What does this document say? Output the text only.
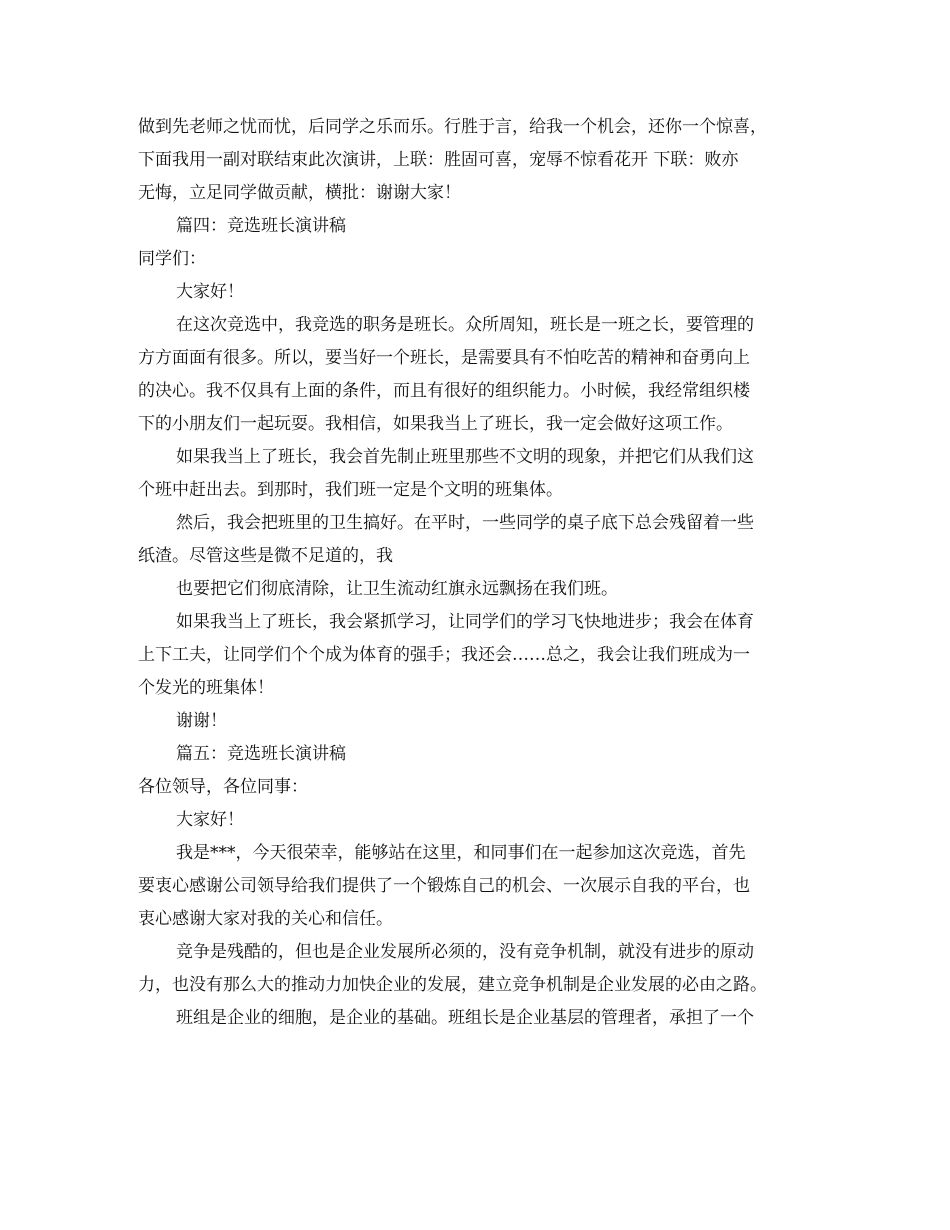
做到先老师之忧而忧，后同学之乐而乐。行胜于言，给我一个机会，还你一个惊喜，
下面我用一副对联结束此次演讲，上联：胜固可喜，宠辱不惊看花开 下联：败亦
无悔，立足同学做贡献，横批：谢谢大家！
篇四：竞选班长演讲稿
同学们：
大家好！
在这次竞选中，我竞选的职务是班长。众所周知，班长是一班之长，要管理的
方方面面有很多。所以，要当好一个班长，是需要具有不怕吃苦的精神和奋勇向上
的决心。我不仅具有上面的条件，而且有很好的组织能力。小时候，我经常组织楼
下的小朋友们一起玩耍。我相信，如果我当上了班长，我一定会做好这项工作。
如果我当上了班长，我会首先制止班里那些不文明的现象，并把它们从我们这
个班中赶出去。到那时，我们班一定是个文明的班集体。
然后，我会把班里的卫生搞好。在平时，一些同学的桌子底下总会残留着一些
纸渣。尽管这些是微不足道的，我
也要把它们彻底清除，让卫生流动红旗永远飘扬在我们班。
如果我当上了班长，我会紧抓学习，让同学们的学习飞快地进步；我会在体育
上下工夫，让同学们个个成为体育的强手；我还会……总之，我会让我们班成为一
个发光的班集体！
谢谢！
篇五：竞选班长演讲稿
各位领导，各位同事：
大家好！
我是***，今天很荣幸，能够站在这里，和同事们在一起参加这次竞选，首先
要衷心感谢公司领导给我们提供了一个锻炼自己的机会、一次展示自我的平台，也
衷心感谢大家对我的关心和信任。
竞争是残酷的，但也是企业发展所必须的，没有竞争机制，就没有进步的原动
力，也没有那么大的推动力加快企业的发展，建立竞争机制是企业发展的必由之路。
班组是企业的细胞，是企业的基础。班组长是企业基层的管理者，承担了一个
